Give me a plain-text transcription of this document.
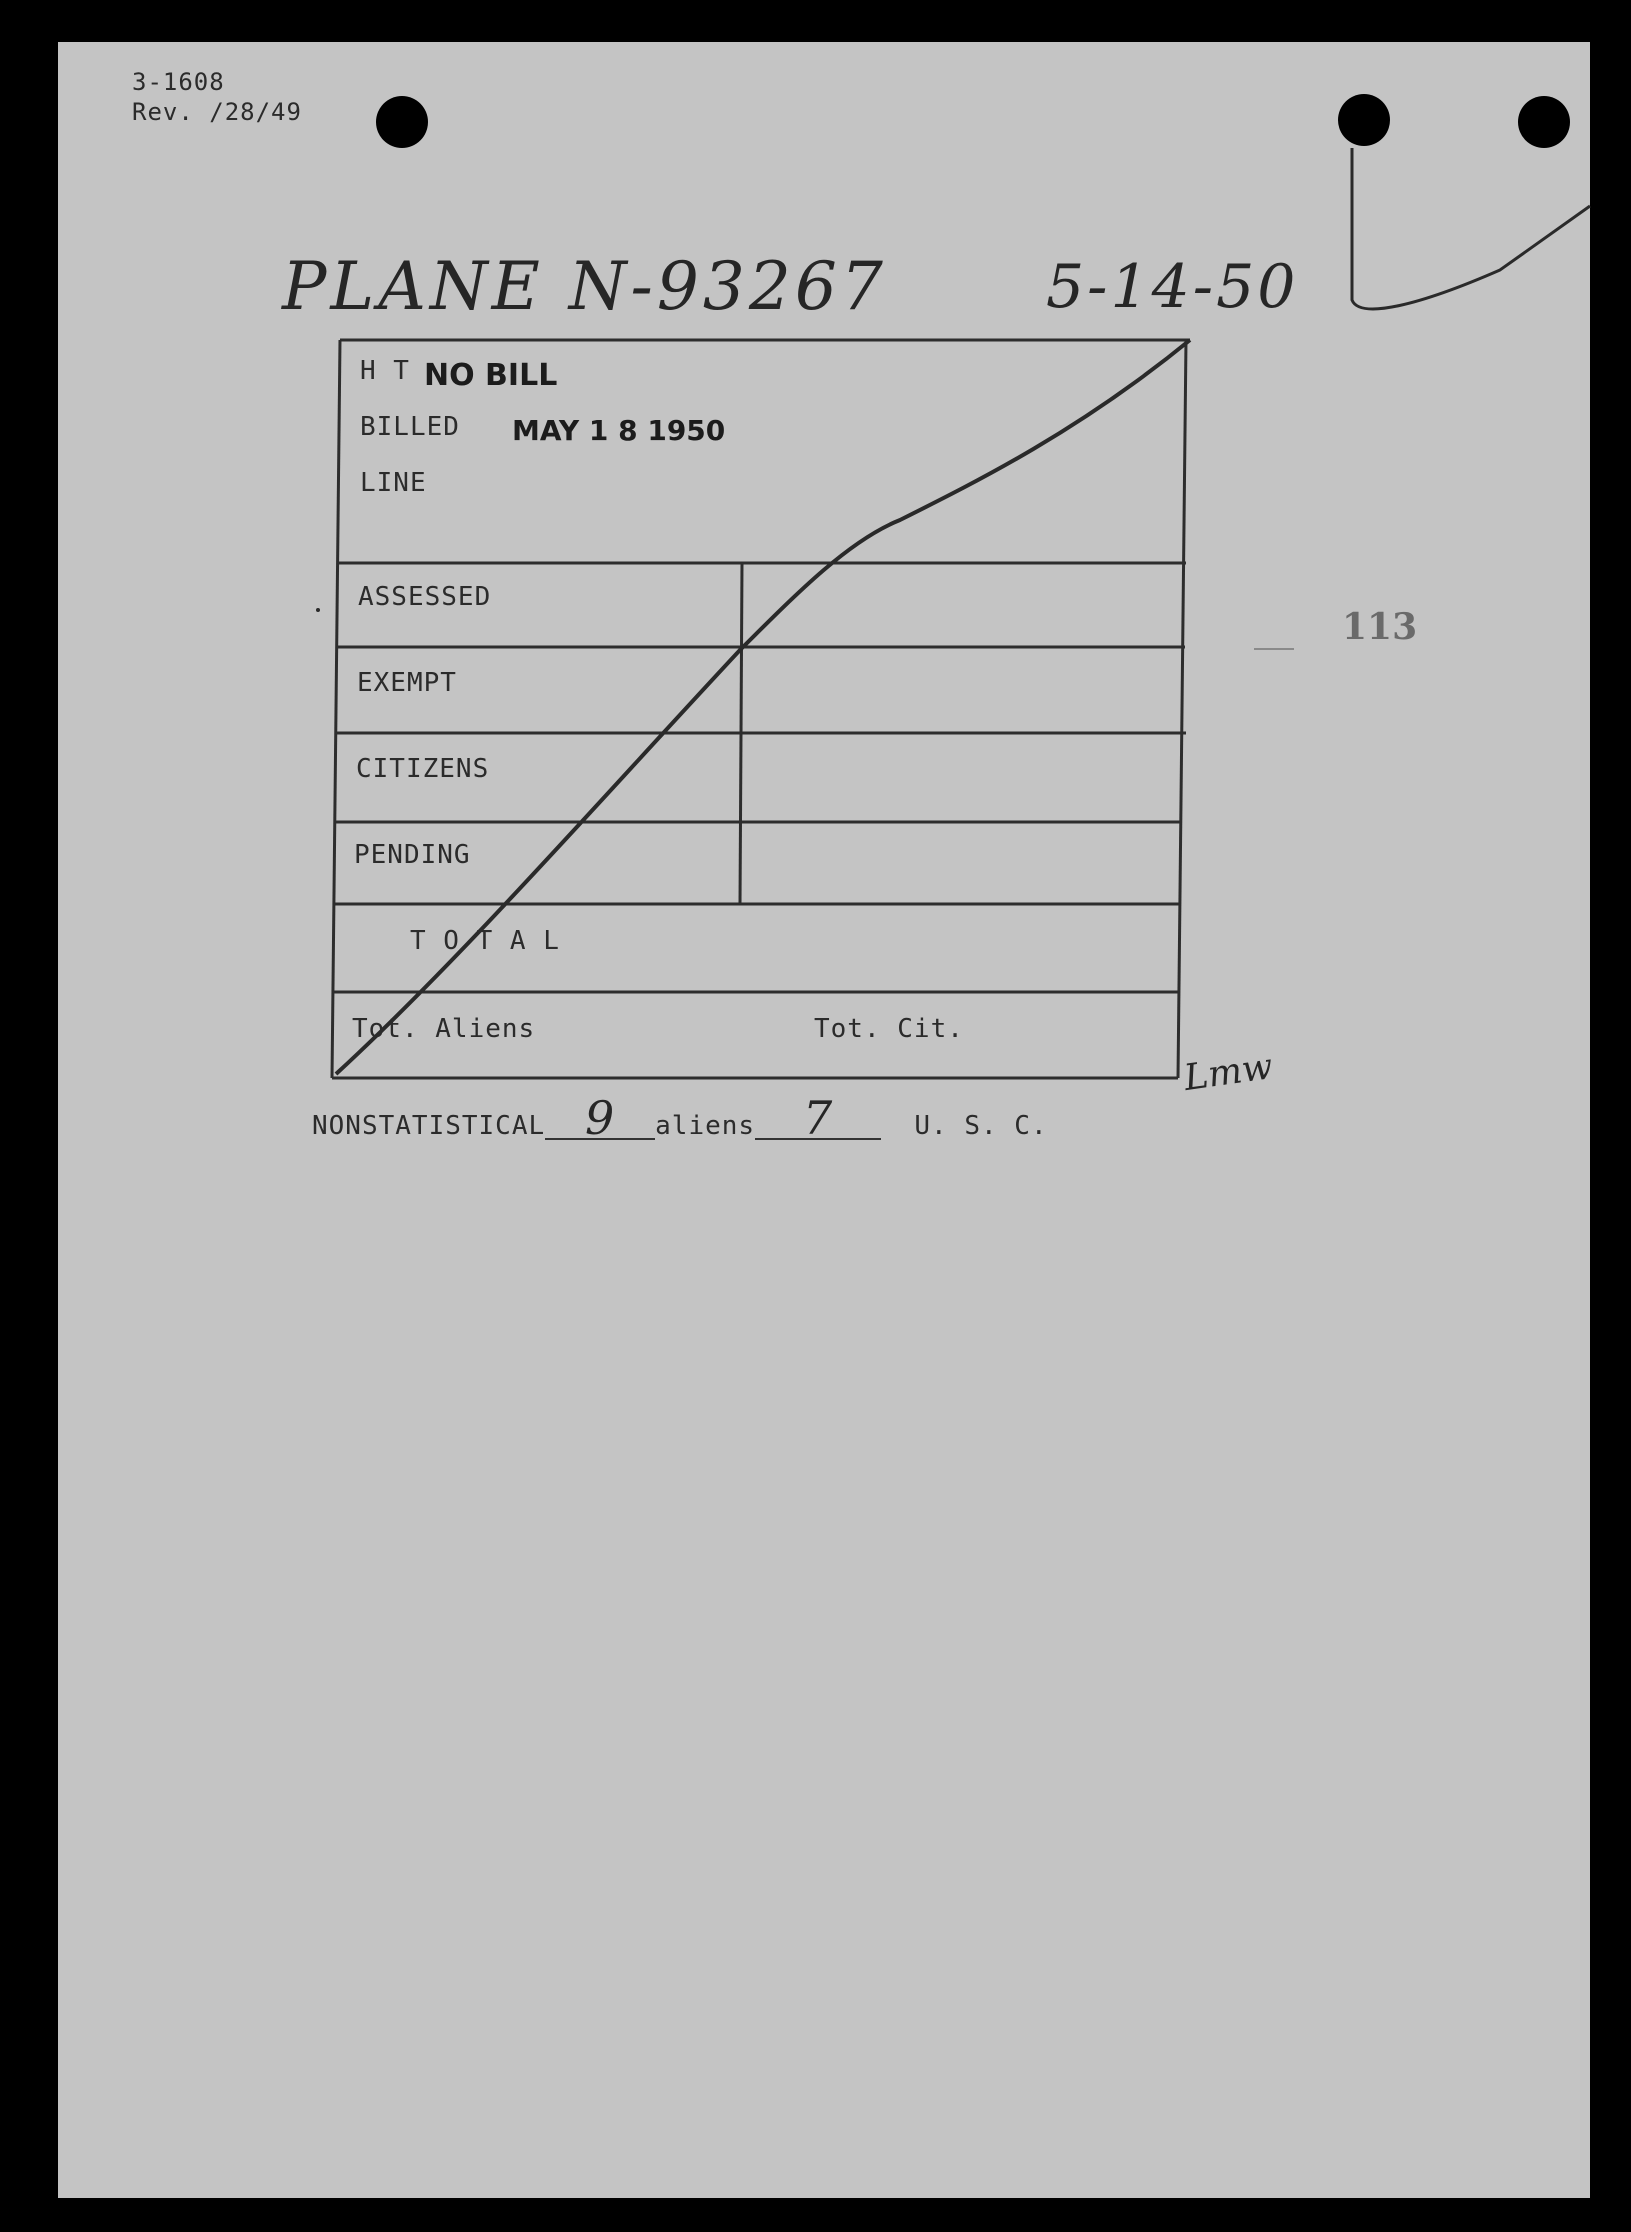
3-1608
Rev. /28/49
PLANE N-93267	5-14-50
113
H T NO BILL
BILLED MAY 1 8 1950
LINE
ASSESSED
EXEMPT
CITIZENS
PENDING
T O T A L
Tot. Aliens	Tot. Cit.
Lmw
NONSTATISTICAL 9 aliens 7	U. S. C.
